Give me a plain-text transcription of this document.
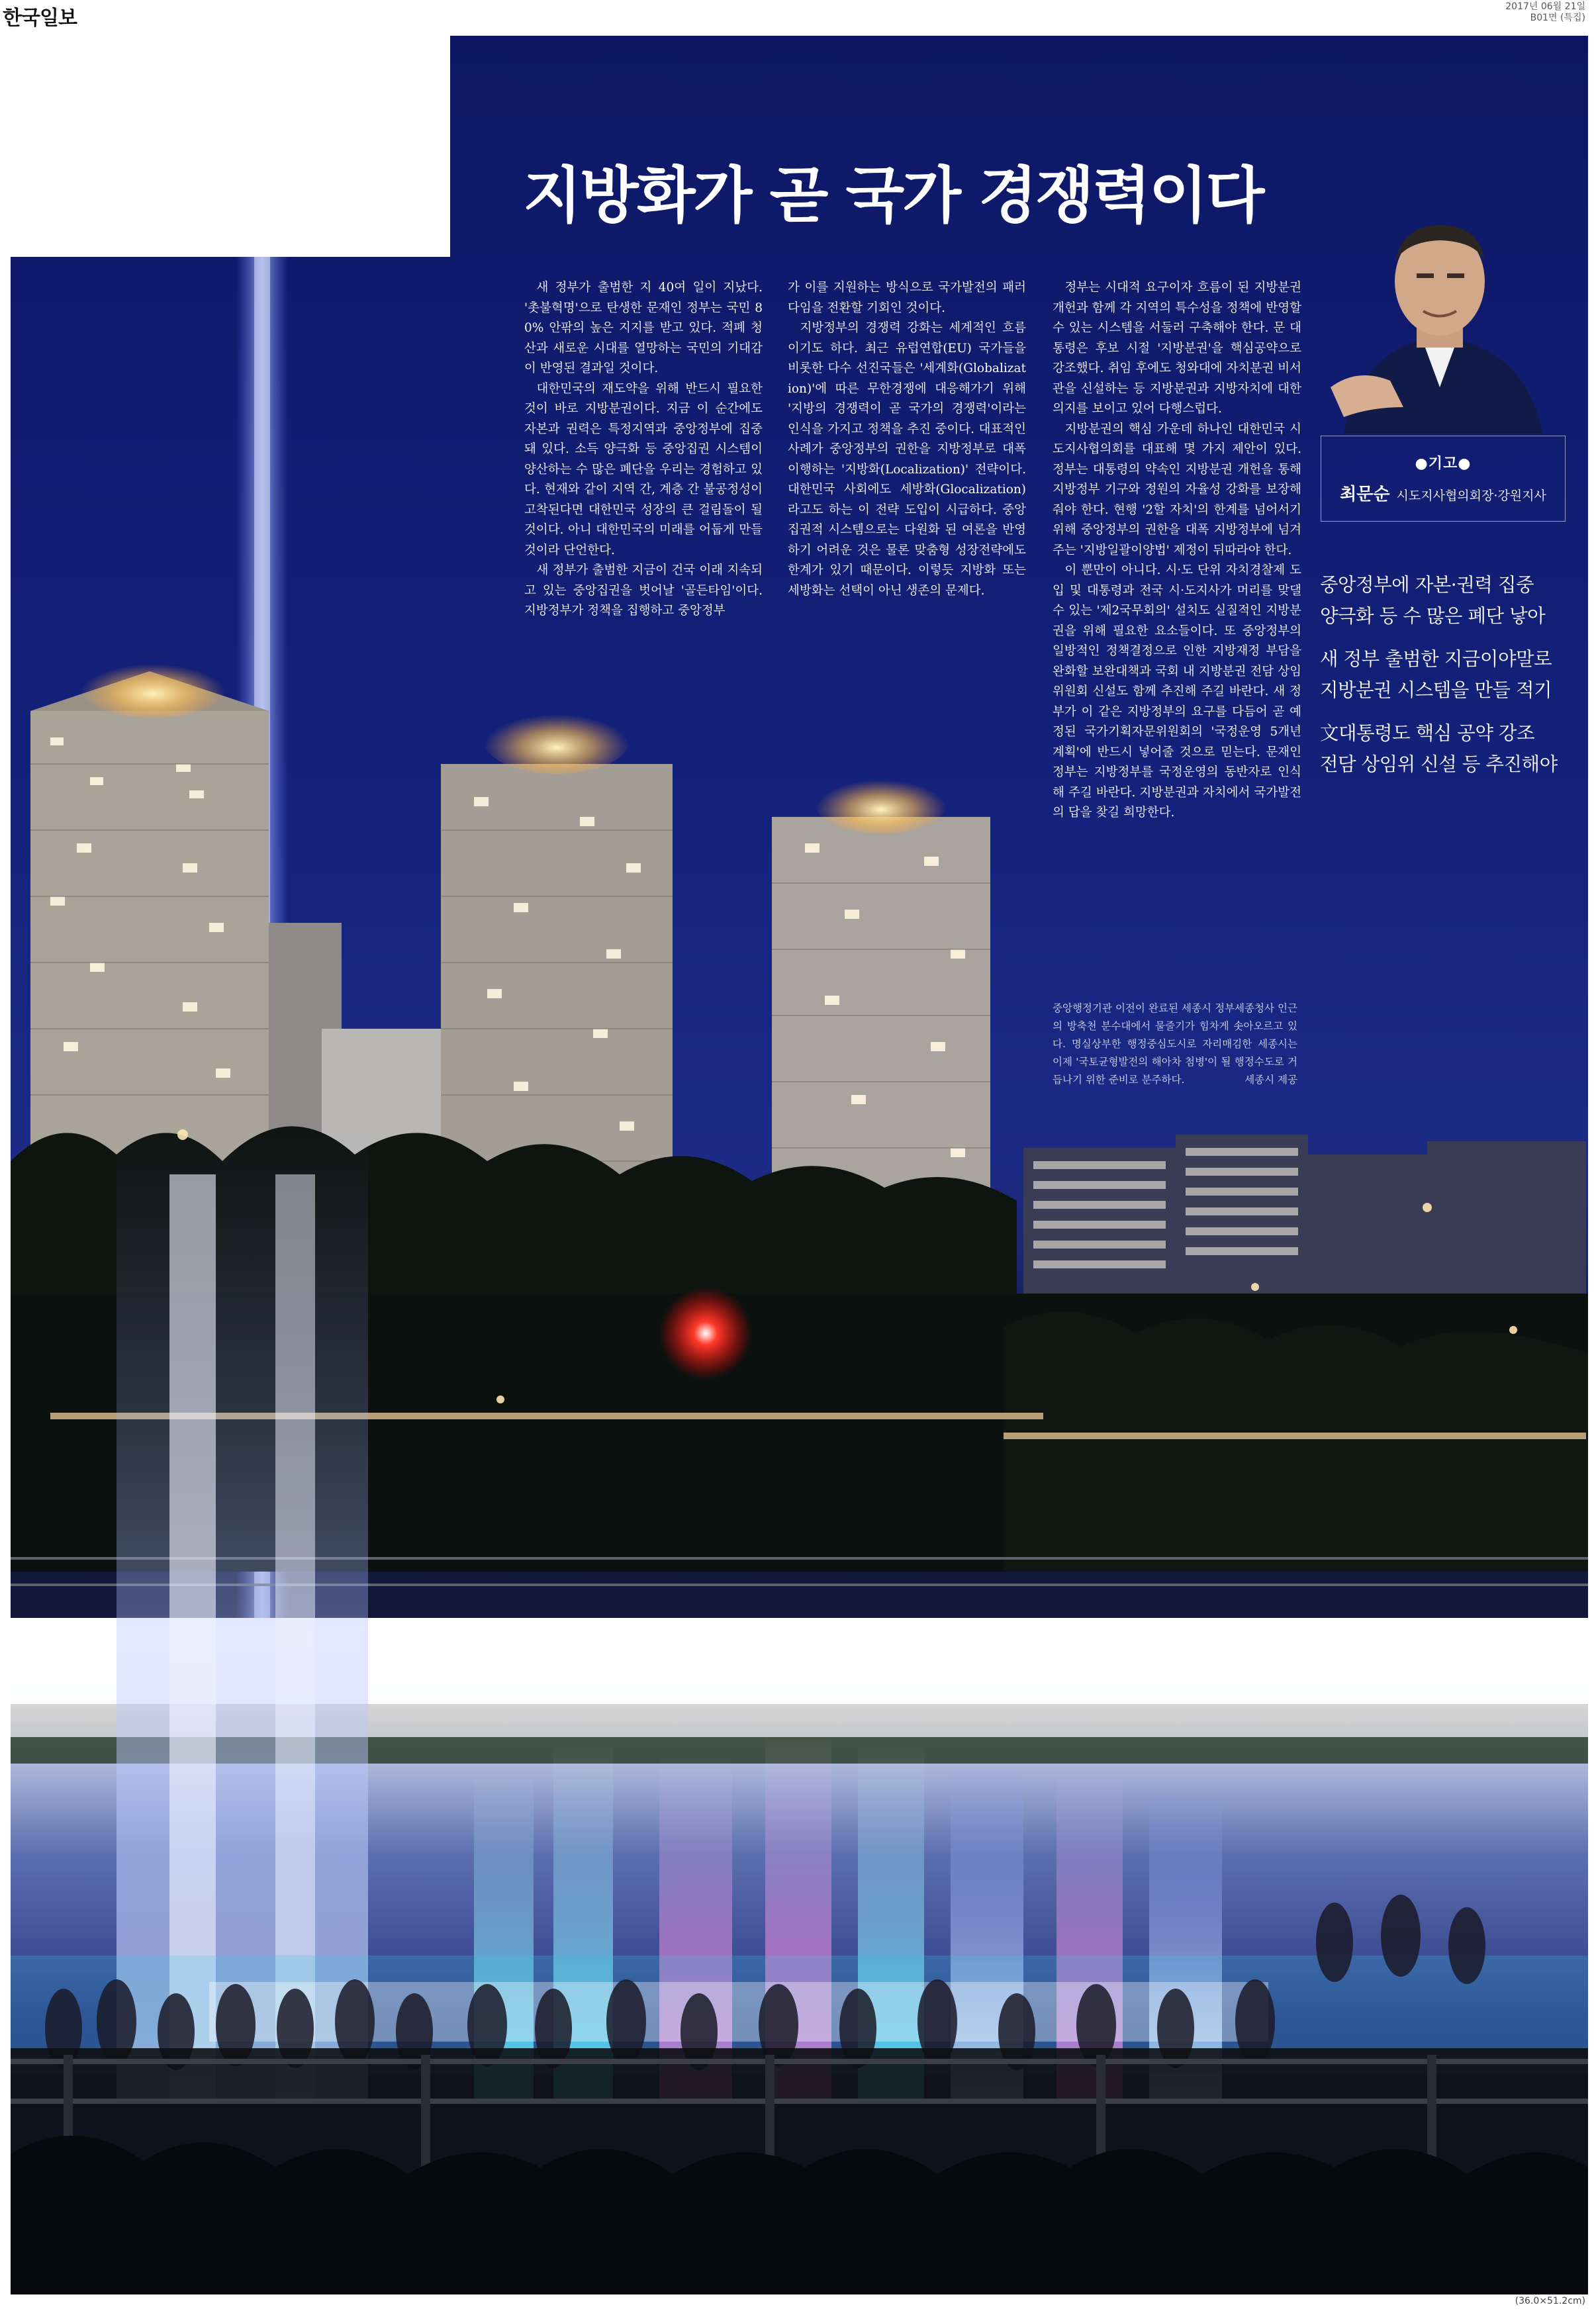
한국일보	2017년 06월 21일
B01면 (특집)
지방화가 곧 국가 경쟁력이다

새 정부가 출범한 지 40여 일이 지났다. '촛불혁명'으로 탄생한 문재인 정부는 국민 80% 안팎의 높은 지지를 받고 있다. 적폐 청산과 새로운 시대를 열망하는 국민의 기대감이 반영된 결과일 것이다.

대한민국의 재도약을 위해 반드시 필요한 것이 바로 지방분권이다. 지금 이 순간에도 자본과 권력은 특정지역과 중앙정부에 집중돼 있다. 소득 양극화 등 중앙집권 시스템이 양산하는 수 많은 폐단을 우리는 경험하고 있다. 현재와 같이 지역 간, 계층 간 불공정성이 고착된다면 대한민국 성장의 큰 걸림돌이 될 것이다. 아니 대한민국의 미래를 어둡게 만들 것이라 단언한다.

새 정부가 출범한 지금이 건국 이래 지속되고 있는 중앙집권을 벗어날 '골든타임'이다. 지방정부가 정책을 집행하고 중앙정부

가 이를 지원하는 방식으로 국가발전의 패러다임을 전환할 기회인 것이다.

지방정부의 경쟁력 강화는 세계적인 흐름이기도 하다. 최근 유럽연합(EU) 국가들을 비롯한 다수 선진국들은 '세계화(Globalization)'에 따른 무한경쟁에 대응해가기 위해 '지방의 경쟁력이 곧 국가의 경쟁력'이라는 인식을 가지고 정책을 추진 중이다. 대표적인 사례가 중앙정부의 권한을 지방정부로 대폭 이행하는 '지방화(Localization)' 전략이다. 대한민국 사회에도 세방화(Glocalization)라고도 하는 이 전략 도입이 시급하다. 중앙집권적 시스템으로는 다원화 된 여론을 반영하기 어려운 것은 물론 맞춤형 성장전략에도 한계가 있기 때문이다. 이렇듯 지방화 또는 세방화는 선택이 아닌 생존의 문제다.

정부는 시대적 요구이자 흐름이 된 지방분권 개헌과 함께 각 지역의 특수성을 정책에 반영할 수 있는 시스템을 서둘러 구축해야 한다. 문 대통령은 후보 시절 '지방분권'을 핵심공약으로 강조했다. 취임 후에도 청와대에 자치분권 비서관을 신설하는 등 지방분권과 지방자치에 대한 의지를 보이고 있어 다행스럽다.

지방분권의 핵심 가운데 하나인 대한민국 시도지사협의회를 대표해 몇 가지 제안이 있다. 정부는 대통령의 약속인 지방분권 개헌을 통해 지방정부 기구와 정원의 자율성 강화를 보장해 줘야 한다. 현행 '2할 자치'의 한계를 넘어서기 위해 중앙정부의 권한을 대폭 지방정부에 넘겨주는 '지방일괄이양법' 제정이 뒤따라야 한다.

이 뿐만이 아니다. 시·도 단위 자치경찰제 도입 및 대통령과 전국 시·도지사가 머리를 맞댈 수 있는 '제2국무회의' 설치도 실질적인 지방분권을 위해 필요한 요소들이다. 또 중앙정부의 일방적인 정책결정으로 인한 지방재정 부담을 완화할 보완대책과 국회 내 지방분권 전담 상임위원회 신설도 함께 추진해 주길 바란다. 새 정부가 이 같은 지방정부의 요구를 다듬어 곧 예정된 국가기획자문위원회의 '국정운영 5개년 계획'에 반드시 넣어줄 것으로 믿는다. 문재인 정부는 지방정부를 국정운영의 동반자로 인식해 주길 바란다. 지방분권과 자치에서 국가발전의 답을 찾길 희망한다.

●기고●
최문순 시도지사협의회장·강원지사
중앙정부에 자본·권력 집중
양극화 등 수 많은 폐단 낳아
새 정부 출범한 지금이야말로
지방분권 시스템을 만들 적기
文대통령도 핵심 공약 강조
전담 상임위 신설 등 추진해야
중앙행정기관 이전이 완료된 세종시 정부세종청사 인근의 방축천 분수대에서 물줄기가 힘차게 솟아오르고 있다. 명실상부한 행정중심도시로 자리매김한 세종시는 이제 '국토균형발전의 해아차 첨병'이 될 행정수도로 거듭나기 위한 준비로 분주하다.	세종시 제공
(36.0×51.2cm)
